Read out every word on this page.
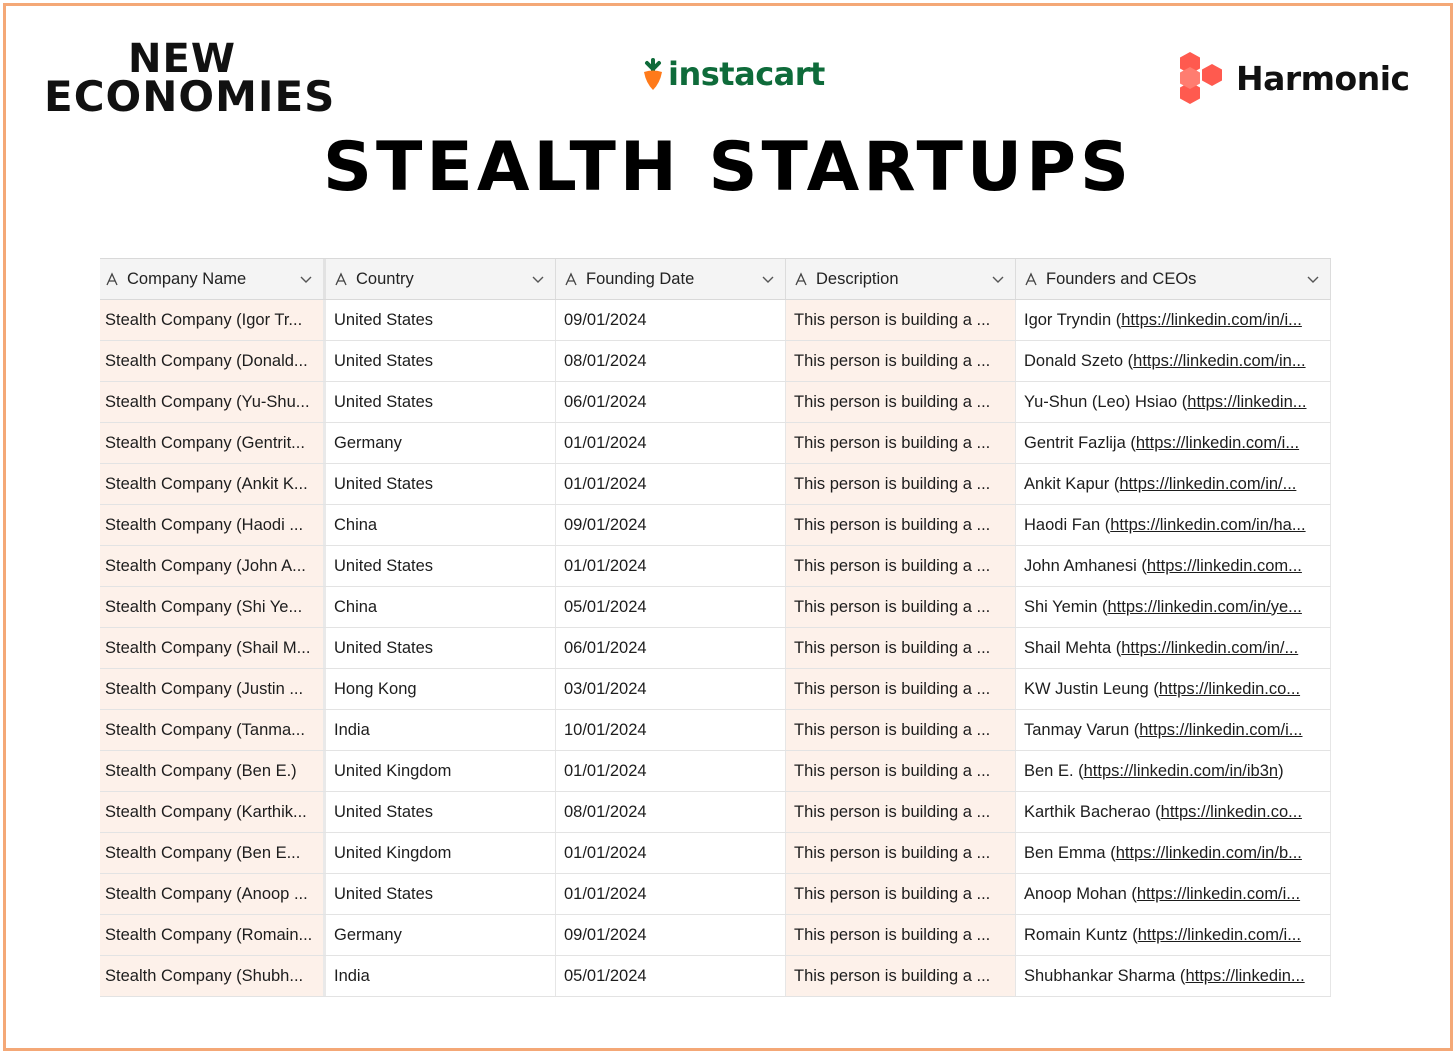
NEW
ECONOMIES	instacart	Harmonic
STEALTH STARTUPS
Company Name	Country	Founding Date	Description	Founders and CEOs
Stealth Company (Igor Tr...	United States	09/01/2024	This person is building a ...	Igor Tryndin ( https://linkedin.com/in/i...
Stealth Company (Donald...	United States	08/01/2024	This person is building a ...	Donald Szeto ( https://linkedin.com/in...
Stealth Company (Yu-Shu...	United States	06/01/2024	This person is building a ...	Yu-Shun (Leo) Hsiao ( https://linkedin...
Stealth Company (Gentrit...	Germany	01/01/2024	This person is building a ...	Gentrit Fazlija ( https://linkedin.com/i...
Stealth Company (Ankit K...	United States	01/01/2024	This person is building a ...	Ankit Kapur ( https://linkedin.com/in/...
Stealth Company (Haodi ...	China	09/01/2024	This person is building a ...	Haodi Fan ( https://linkedin.com/in/ha...
Stealth Company (John A...	United States	01/01/2024	This person is building a ...	John Amhanesi ( https://linkedin.com...
Stealth Company (Shi Ye...	China	05/01/2024	This person is building a ...	Shi Yemin ( https://linkedin.com/in/ye...
Stealth Company (Shail M...	United States	06/01/2024	This person is building a ...	Shail Mehta ( https://linkedin.com/in/...
Stealth Company (Justin ...	Hong Kong	03/01/2024	This person is building a ...	KW Justin Leung ( https://linkedin.co...
Stealth Company (Tanma...	India	10/01/2024	This person is building a ...	Tanmay Varun ( https://linkedin.com/i...
Stealth Company (Ben E.)	United Kingdom	01/01/2024	This person is building a ...	Ben E. ( https://linkedin.com/in/ib3n )
Stealth Company (Karthik...	United States	08/01/2024	This person is building a ...	Karthik Bacherao ( https://linkedin.co...
Stealth Company (Ben E...	United Kingdom	01/01/2024	This person is building a ...	Ben Emma ( https://linkedin.com/in/b...
Stealth Company (Anoop ...	United States	01/01/2024	This person is building a ...	Anoop Mohan ( https://linkedin.com/i...
Stealth Company (Romain...	Germany	09/01/2024	This person is building a ...	Romain Kuntz ( https://linkedin.com/i...
Stealth Company (Shubh...	India	05/01/2024	This person is building a ...	Shubhankar Sharma ( https://linkedin...
